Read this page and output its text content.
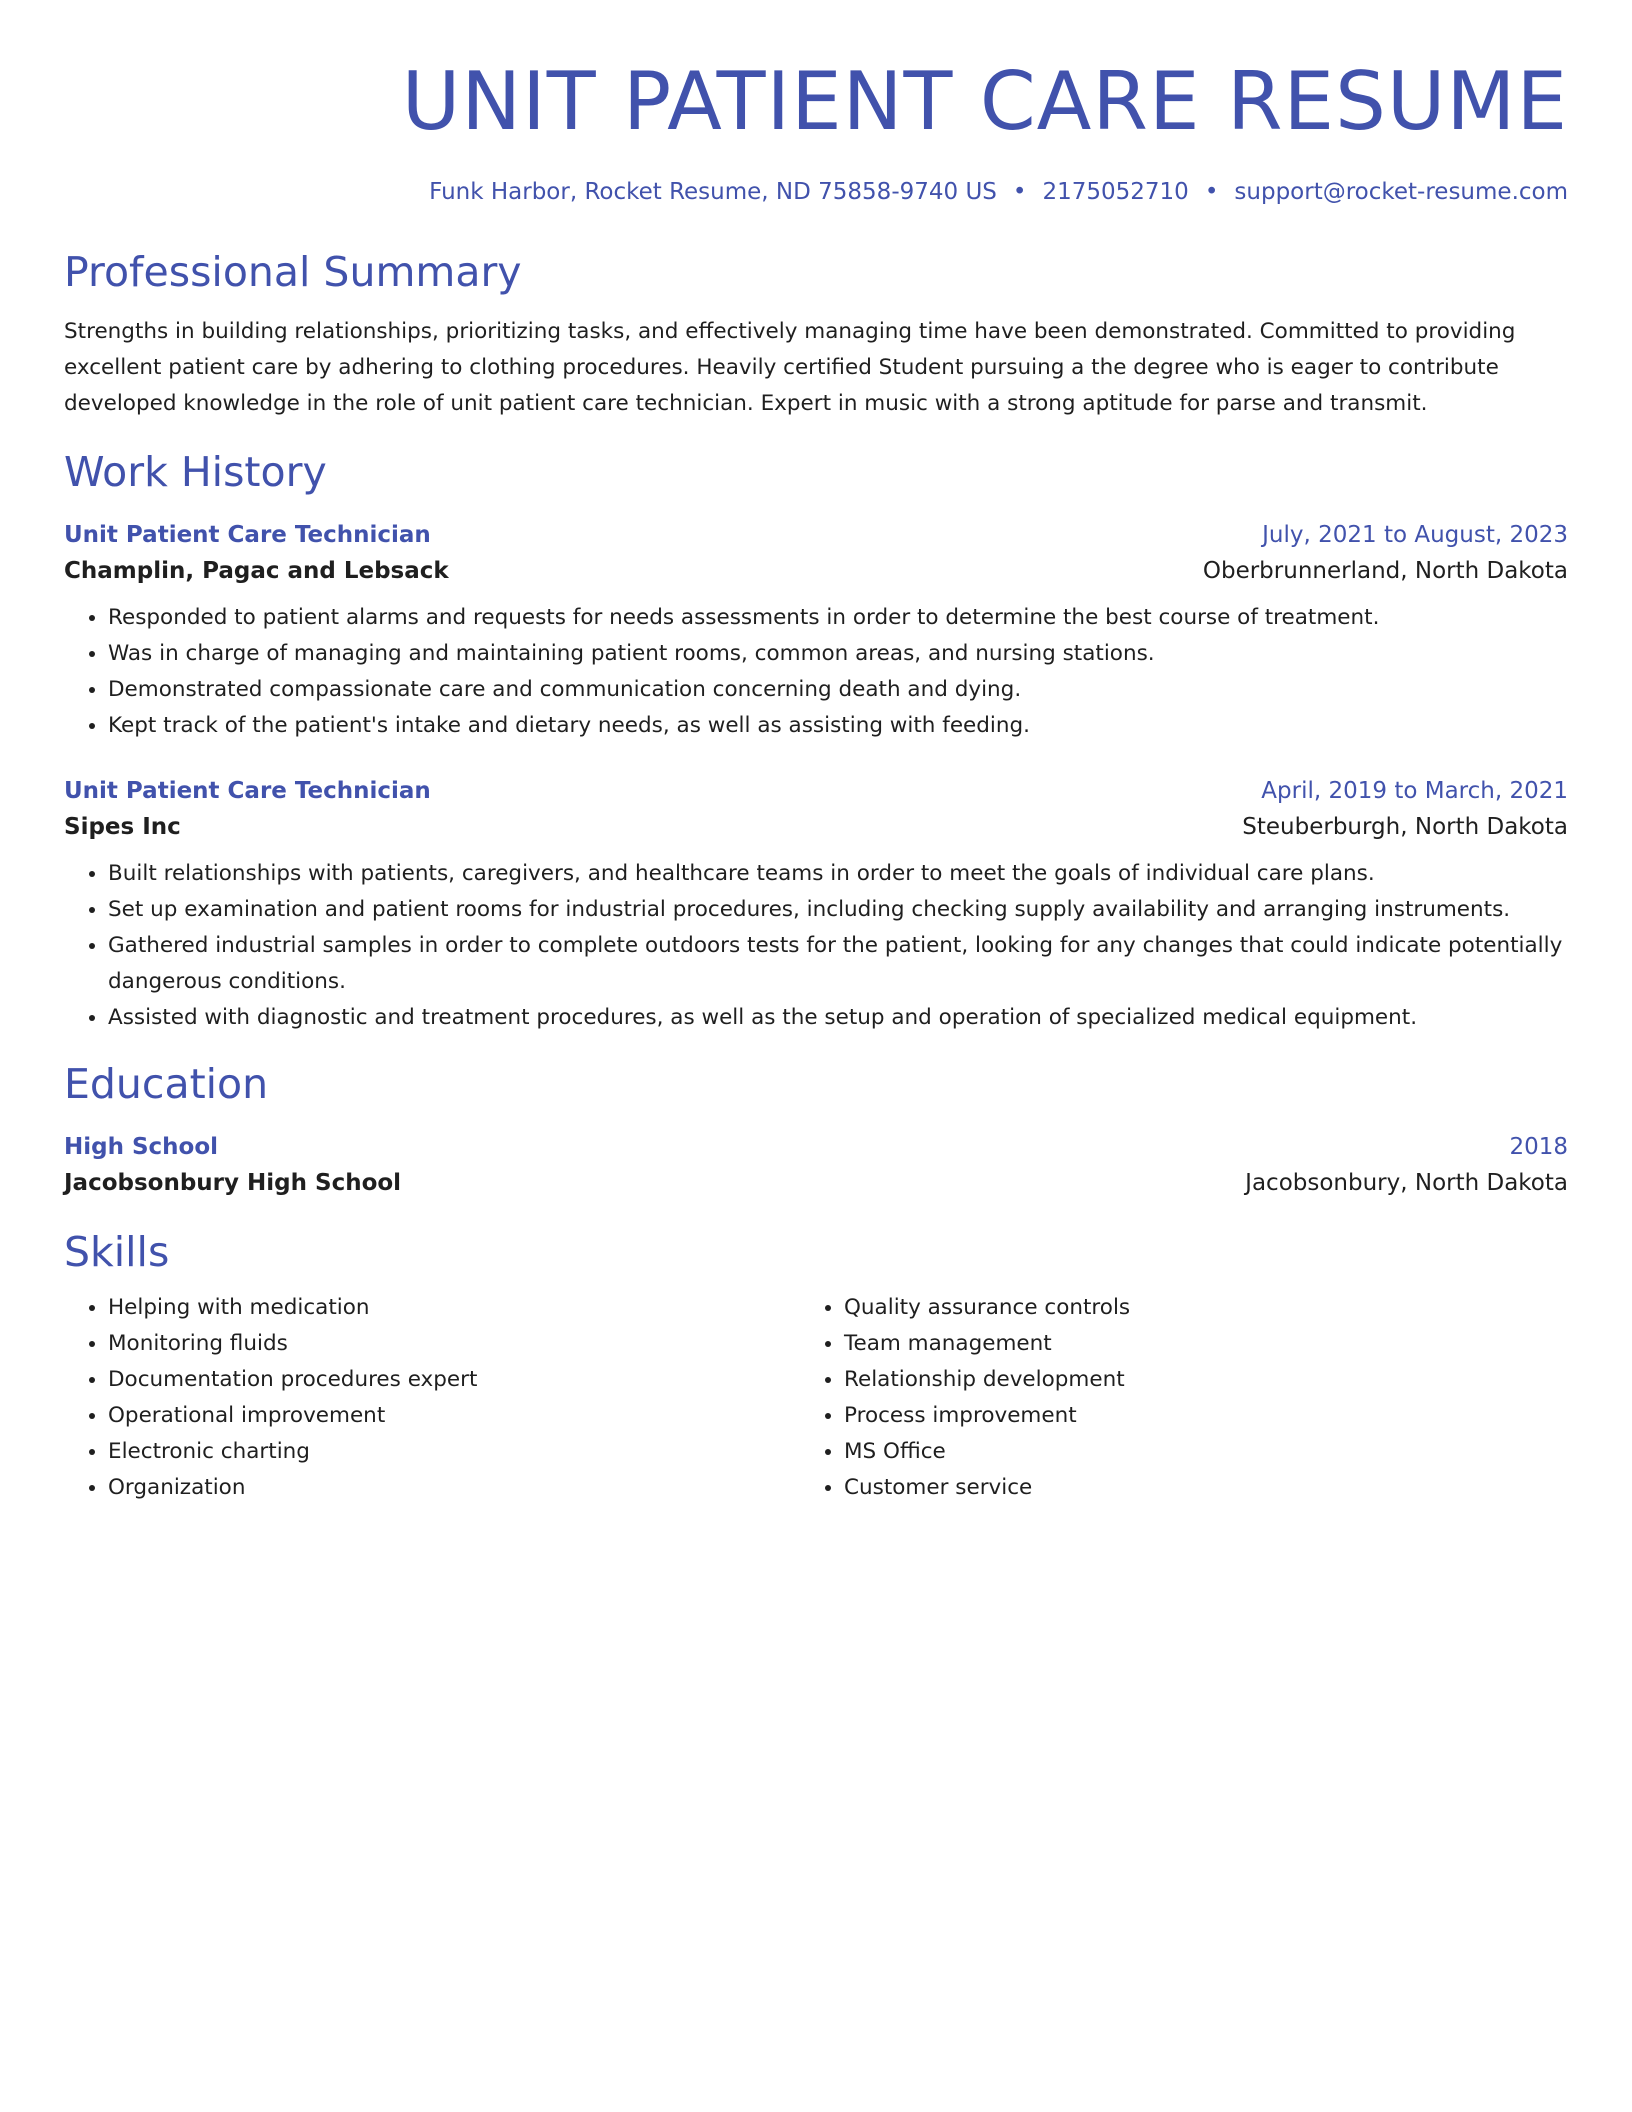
UNIT PATIENT CARE RESUME
Funk Harbor, Rocket Resume, ND 75858-9740 US • 2175052710 • support@rocket-resume.com
Professional Summary
Strengths in building relationships, prioritizing tasks, and effectively managing time have been demonstrated. Committed to providing excellent patient care by adhering to clothing procedures. Heavily certified Student pursuing a the degree who is eager to contribute developed knowledge in the role of unit patient care technician. Expert in music with a strong aptitude for parse and transmit.
Work History
Unit Patient Care Technician	July, 2021 to August, 2023
Champlin, Pagac and Lebsack	Oberbrunnerland, North Dakota
• Responded to patient alarms and requests for needs assessments in order to determine the best course of treatment.
• Was in charge of managing and maintaining patient rooms, common areas, and nursing stations.
• Demonstrated compassionate care and communication concerning death and dying.
• Kept track of the patient's intake and dietary needs, as well as assisting with feeding.
Unit Patient Care Technician	April, 2019 to March, 2021
Sipes Inc	Steuberburgh, North Dakota
• Built relationships with patients, caregivers, and healthcare teams in order to meet the goals of individual care plans.
• Set up examination and patient rooms for industrial procedures, including checking supply availability and arranging instruments.
• Gathered industrial samples in order to complete outdoors tests for the patient, looking for any changes that could indicate potentially dangerous conditions.
• Assisted with diagnostic and treatment procedures, as well as the setup and operation of specialized medical equipment.
Education
High School	2018
Jacobsonbury High School	Jacobsonbury, North Dakota
Skills
• Helping with medication
• Monitoring fluids
• Documentation procedures expert
• Operational improvement
• Electronic charting
• Organization
• Quality assurance controls
• Team management
• Relationship development
• Process improvement
• MS Office
• Customer service
